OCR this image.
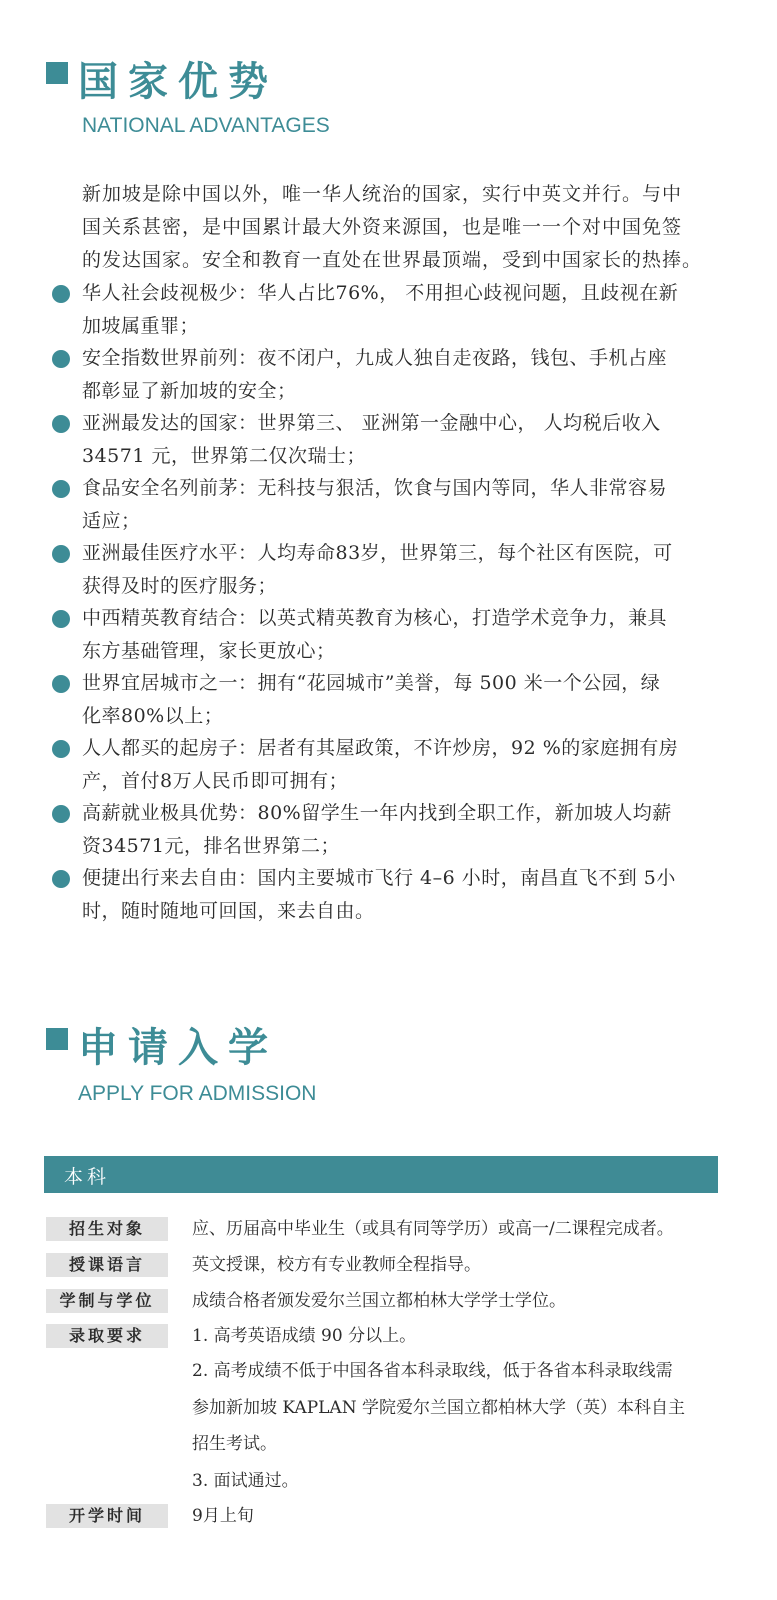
国家优势
NATIONAL ADVANTAGES
新加坡是除中国以外，唯一华人统治的国家，实行中英文并行。与中
国关系甚密，是中国累计最大外资来源国，也是唯一一个对中国免签
的发达国家。安全和教育一直处在世界最顶端，受到中国家长的热捧。
华人社会歧视极少：华人占比76%， 不用担心歧视问题，且歧视在新
加坡属重罪；
安全指数世界前列：夜不闭户，九成人独自走夜路，钱包、手机占座
都彰显了新加坡的安全；
亚洲最发达的国家：世界第三、 亚洲第一金融中心， 人均税后收入
34571 元，世界第二仅次瑞士；
食品安全名列前茅：无科技与狠活，饮食与国内等同，华人非常容易
适应；
亚洲最佳医疗水平：人均寿命83岁，世界第三，每个社区有医院，可
获得及时的医疗服务；
中西精英教育结合：以英式精英教育为核心，打造学术竞争力，兼具
东方基础管理，家长更放心；
世界宜居城市之一：拥有“花园城市”美誉，每 500 米一个公园，绿
化率80%以上；
人人都买的起房子：居者有其屋政策，不许炒房，92 %的家庭拥有房
产，首付8万人民币即可拥有；
高薪就业极具优势：80%留学生一年内找到全职工作，新加坡人均薪
资34571元，排名世界第二；
便捷出行来去自由：国内主要城市飞行 4–6 小时，南昌直飞不到 5小
时，随时随地可回国，来去自由。
申请入学
APPLY FOR ADMISSION
本科
招生对象	应、历届高中毕业生（或具有同等学历）或高一/二课程完成者。
授课语言	英文授课，校方有专业教师全程指导。
学制与学位	成绩合格者颁发爱尔兰国立都柏林大学学士学位。
录取要求	1. 高考英语成绩 90 分以上。
2. 高考成绩不低于中国各省本科录取线，低于各省本科录取线需
参加新加坡 KAPLAN 学院爱尔兰国立都柏林大学（英）本科自主
招生考试。
3. 面试通过。
开学时间	9月上旬
